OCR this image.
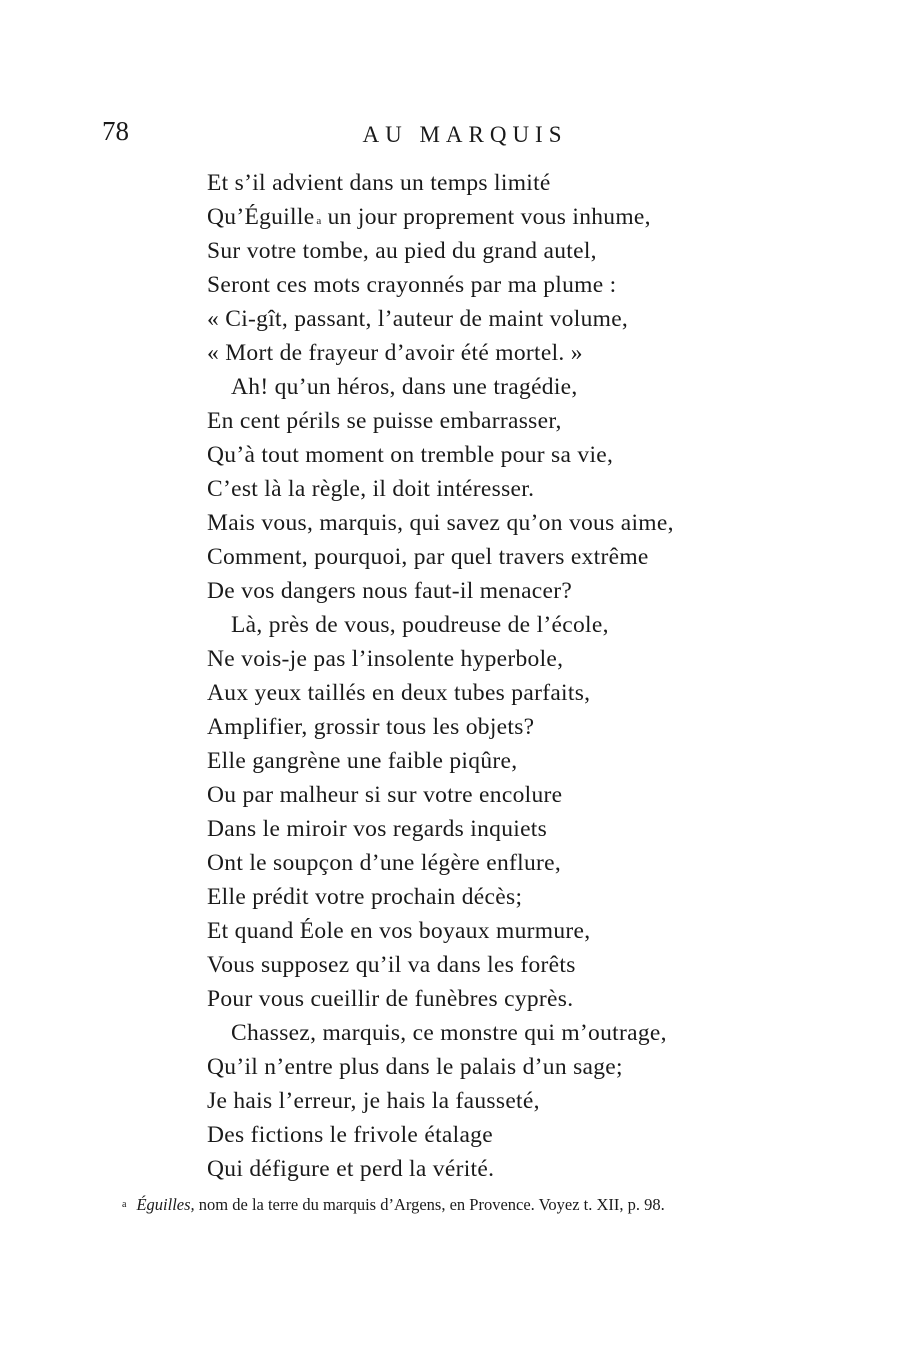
78	AU MARQUIS
Et s’il advient dans un temps limité
Qu’Éguille $^a$ un jour proprement vous inhume,
Sur votre tombe, au pied du grand autel,
Seront ces mots crayonnés par ma plume :
« Ci-gît, passant, l’auteur de maint volume,
« Mort de frayeur d’avoir été mortel. »
Ah! qu’un héros, dans une tragédie,
En cent périls se puisse embarrasser,
Qu’à tout moment on tremble pour sa vie,
C’est là la règle, il doit intéresser.
Mais vous, marquis, qui savez qu’on vous aime,
Comment, pourquoi, par quel travers extrême
De vos dangers nous faut-il menacer?
Là, près de vous, poudreuse de l’école,
Ne vois-je pas l’insolente hyperbole,
Aux yeux taillés en deux tubes parfaits,
Amplifier, grossir tous les objets?
Elle gangrène une faible piqûre,
Ou par malheur si sur votre encolure
Dans le miroir vos regards inquiets
Ont le soupçon d’une légère enflure,
Elle prédit votre prochain décès;
Et quand Éole en vos boyaux murmure,
Vous supposez qu’il va dans les forêts
Pour vous cueillir de funèbres cyprès.
Chassez, marquis, ce monstre qui m’outrage,
Qu’il n’entre plus dans le palais d’un sage;
Je hais l’erreur, je hais la fausseté,
Des fictions le frivole étalage
Qui défigure et perd la vérité.
$^a$ Éguilles, nom de la terre du marquis d’Argens, en Provence. Voyez t. XII, p. 98.
